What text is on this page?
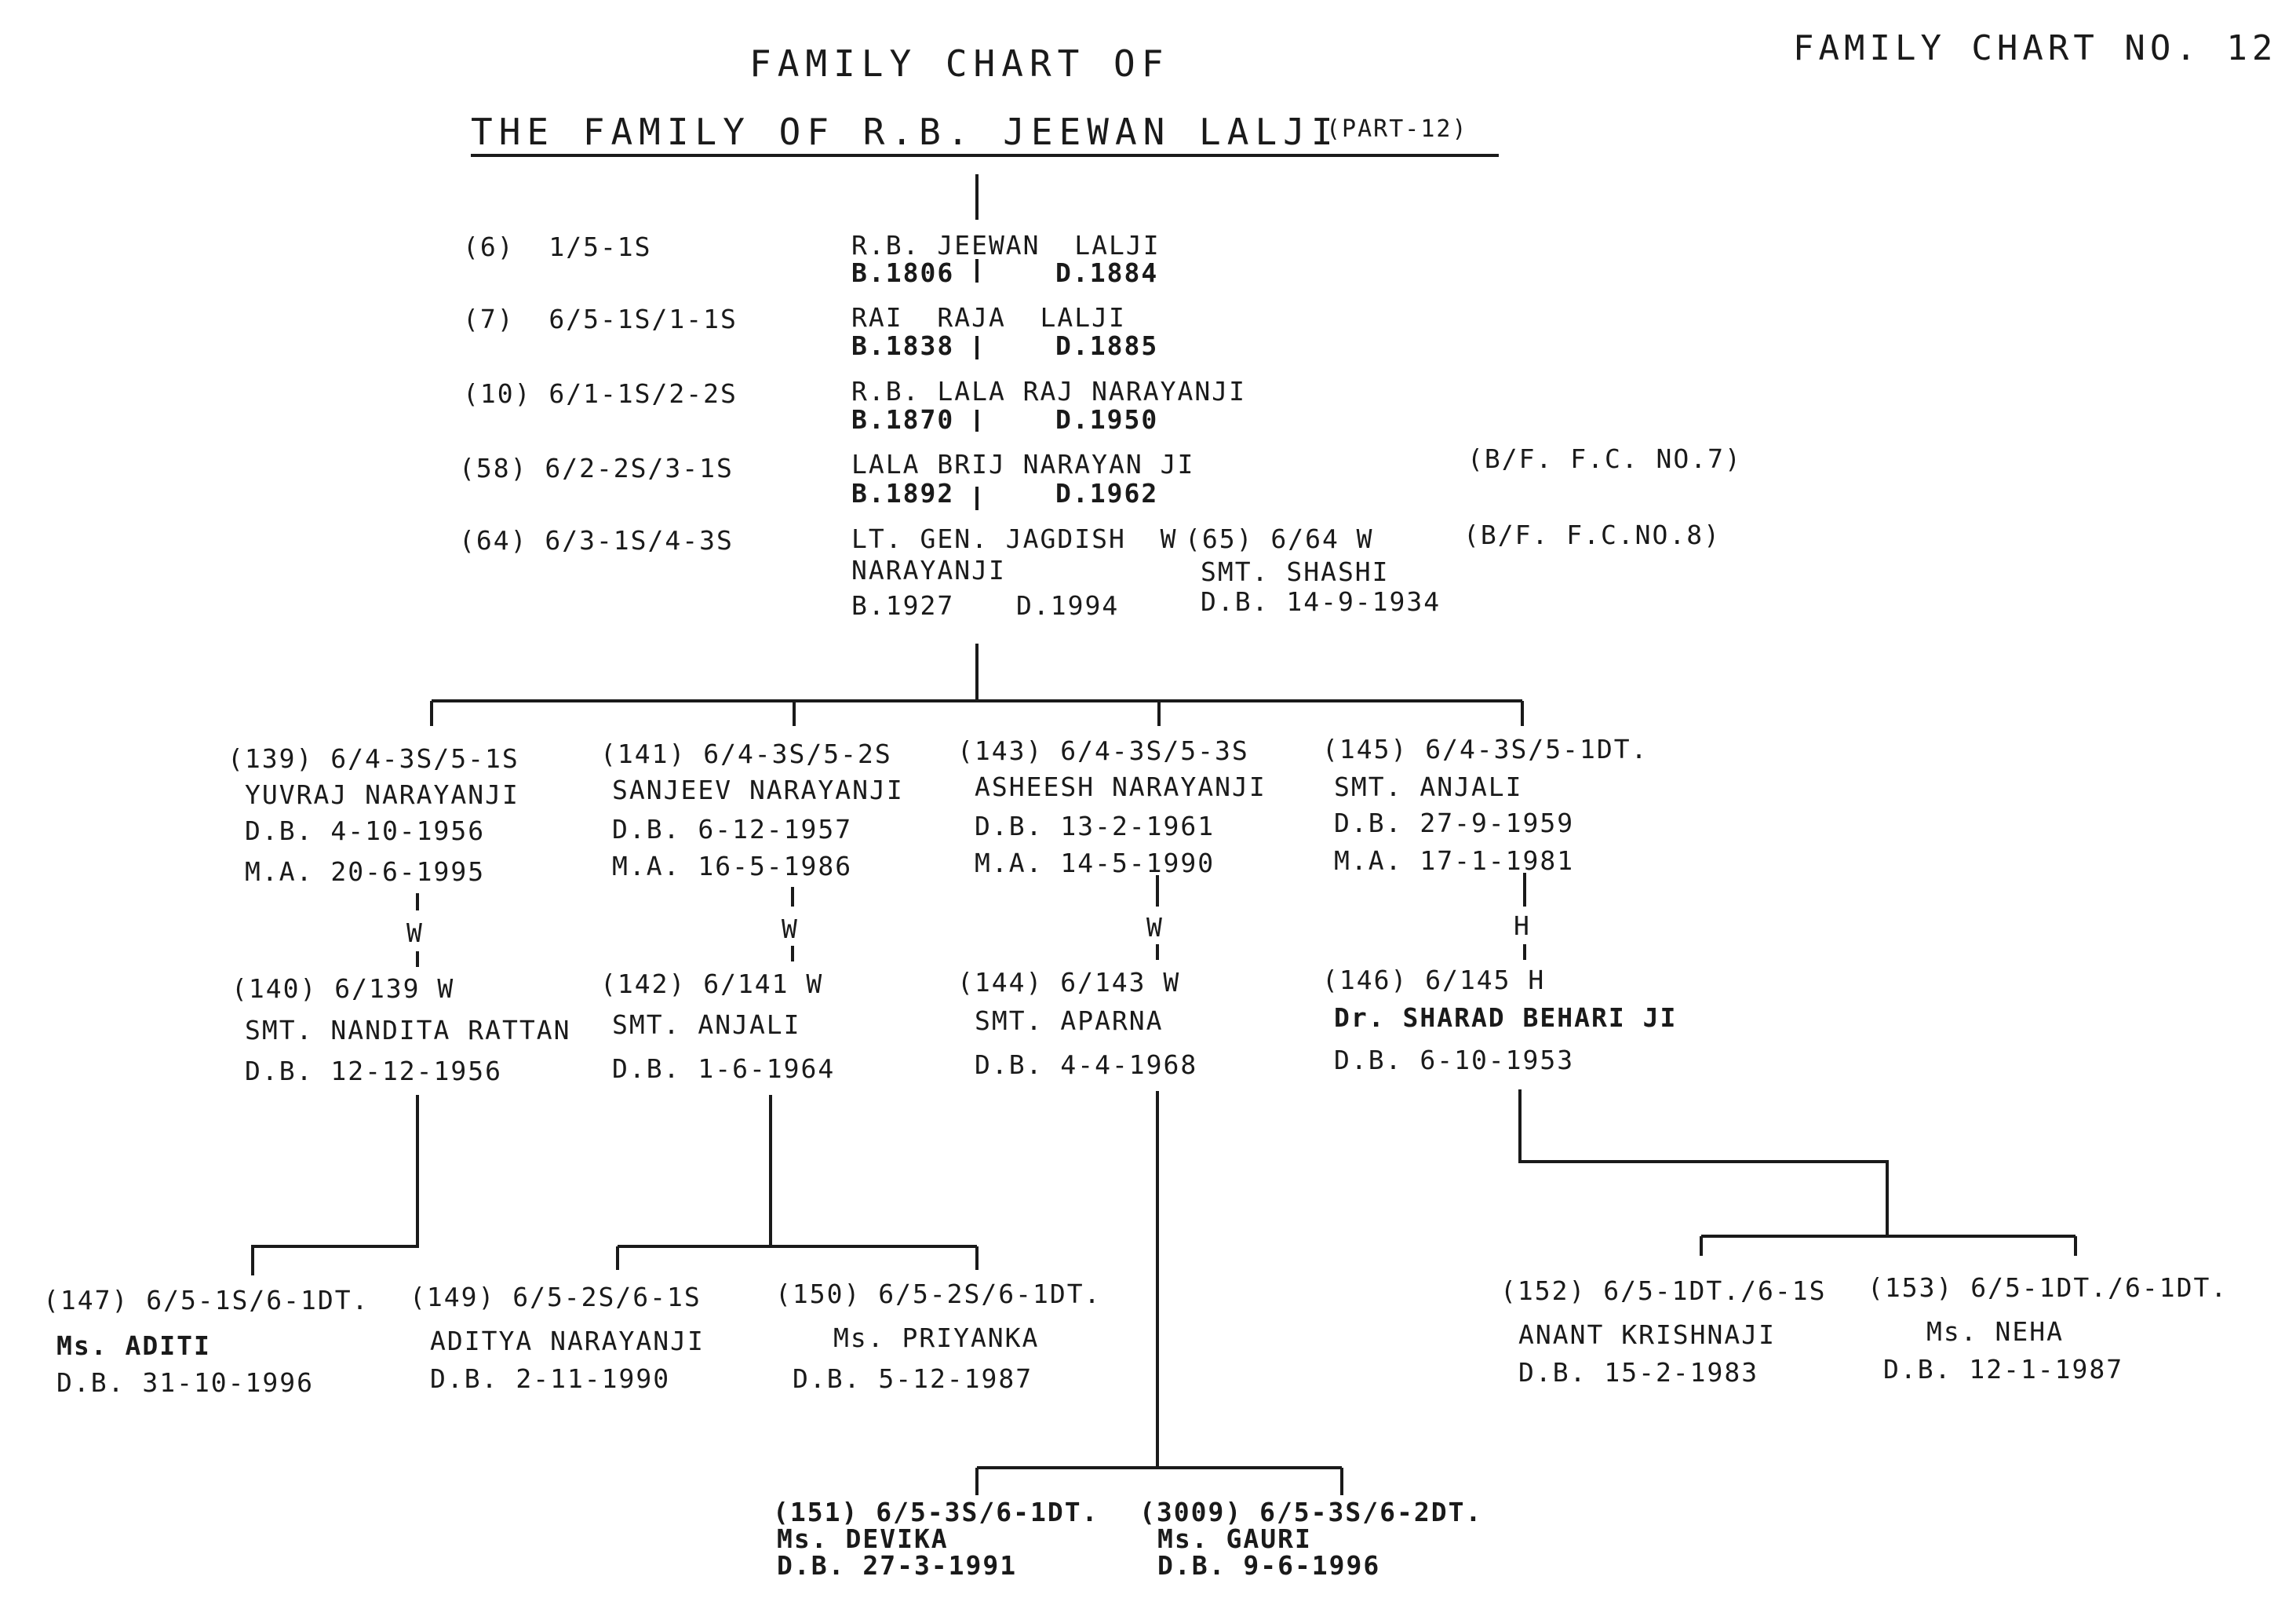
FAMILY CHART OF
THE FAMILY OF R.B. JEEWAN LALJI
(PART-12)
FAMILY CHART NO. 12
(6)  1/5-1S	R.B. JEEWAN  LALJI
B.1806	D.1884
(7)  6/5-1S/1-1S	RAI  RAJA  LALJI
B.1838	D.1885
(10) 6/1-1S/2-2S	R.B. LALA RAJ NARAYANJI
B.1870	D.1950
(58) 6/2-2S/3-1S	LALA BRIJ NARAYAN JI
B.1892	D.1962
(B/F. F.C. NO.7)
(64) 6/3-1S/4-3S	LT. GEN. JAGDISH  W
NARAYANJI
B.1927 D.1994
(65) 6/64 W
SMT. SHASHI
D.B. 14-9-1934
(B/F. F.C.NO.8)
(139) 6/4-3S/5-1S
YUVRAJ NARAYANJI
D.B. 4-10-1956
M.A. 20-6-1995
W
(140) 6/139 W
SMT. NANDITA RATTAN
D.B. 12-12-1956
(141) 6/4-3S/5-2S
SANJEEV NARAYANJI
D.B. 6-12-1957
M.A. 16-5-1986
W
(142) 6/141 W
SMT. ANJALI
D.B. 1-6-1964
(143) 6/4-3S/5-3S
ASHEESH NARAYANJI
D.B. 13-2-1961
M.A. 14-5-1990
W
(144) 6/143 W
SMT. APARNA
D.B. 4-4-1968
(145) 6/4-3S/5-1DT.
SMT. ANJALI
D.B. 27-9-1959
M.A. 17-1-1981
H
(146) 6/145 H
Dr. SHARAD BEHARI JI
D.B. 6-10-1953
(147) 6/5-1S/6-1DT.
Ms. ADITI
D.B. 31-10-1996
(149) 6/5-2S/6-1S
ADITYA NARAYANJI
D.B. 2-11-1990
(150) 6/5-2S/6-1DT.
Ms. PRIYANKA
D.B. 5-12-1987
(152) 6/5-1DT./6-1S
ANANT KRISHNAJI
D.B. 15-2-1983
(153) 6/5-1DT./6-1DT.
Ms. NEHA
D.B. 12-1-1987
(151) 6/5-3S/6-1DT.
Ms. DEVIKA
D.B. 27-3-1991
(3009) 6/5-3S/6-2DT.
Ms. GAURI
D.B. 9-6-1996
